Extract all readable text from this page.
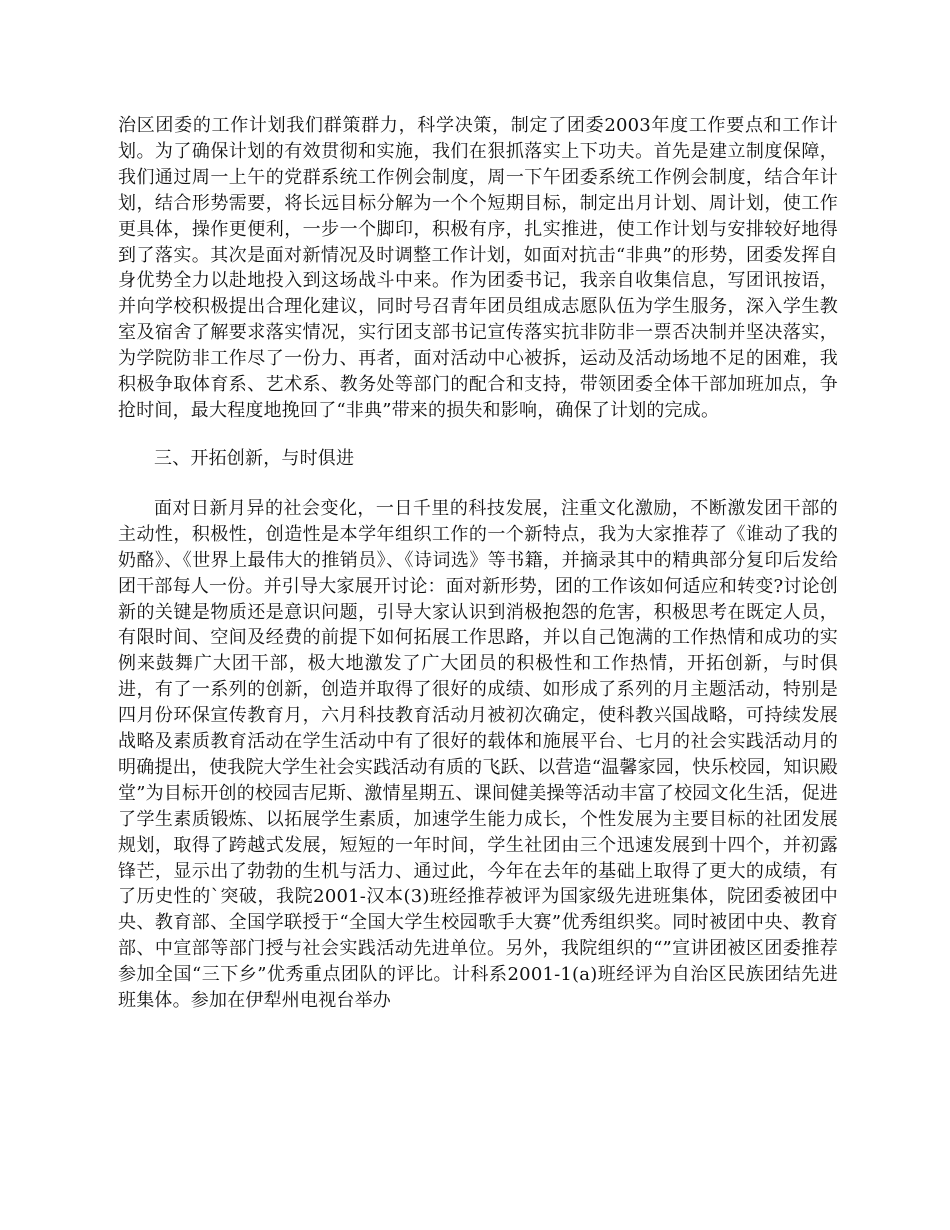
治区团委的工作计划我们群策群力，科学决策，制定了团委2003年度工作要点和工作计划。为了确保计划的有效贯彻和实施，我们在狠抓落实上下功夫。首先是建立制度保障，我们通过周一上午的党群系统工作例会制度，周一下午团委系统工作例会制度，结合年计划，结合形势需要，将长远目标分解为一个个短期目标，制定出月计划、周计划，使工作更具体，操作更便利，一步一个脚印，积极有序，扎实推进，使工作计划与安排较好地得到了落实。其次是面对新情况及时调整工作计划，如面对抗击“非典”的形势，团委发挥自身优势全力以赴地投入到这场战斗中来。作为团委书记，我亲自收集信息，写团讯按语，并向学校积极提出合理化建议，同时号召青年团员组成志愿队伍为学生服务，深入学生教室及宿舍了解要求落实情况，实行团支部书记宣传落实抗非防非一票否决制并坚决落实，为学院防非工作尽了一份力、再者，面对活动中心被拆，运动及活动场地不足的困难，我积极争取体育系、艺术系、教务处等部门的配合和支持，带领团委全体干部加班加点，争抢时间，最大程度地挽回了“非典”带来的损失和影响，确保了计划的完成。

三、开拓创新，与时俱进

面对日新月异的社会变化，一日千里的科技发展，注重文化激励，不断激发团干部的主动性，积极性，创造性是本学年组织工作的一个新特点，我为大家推荐了《谁动了我的奶酪》、《世界上最伟大的推销员》、《诗词选》等书籍，并摘录其中的精典部分复印后发给团干部每人一份。并引导大家展开讨论：面对新形势，团的工作该如何适应和转变?讨论创新的关键是物质还是意识问题，引导大家认识到消极抱怨的危害，积极思考在既定人员，有限时间、空间及经费的前提下如何拓展工作思路，并以自己饱满的工作热情和成功的实例来鼓舞广大团干部，极大地激发了广大团员的积极性和工作热情，开拓创新，与时俱进，有了一系列的创新，创造并取得了很好的成绩、如形成了系列的月主题活动，特别是四月份环保宣传教育月，六月科技教育活动月被初次确定，使科教兴国战略，可持续发展战略及素质教育活动在学生活动中有了很好的载体和施展平台、七月的社会实践活动月的明确提出，使我院大学生社会实践活动有质的飞跃、以营造“温馨家园，快乐校园，知识殿堂”为目标开创的校园吉尼斯、激情星期五、课间健美操等活动丰富了校园文化生活，促进了学生素质锻炼、以拓展学生素质，加速学生能力成长，个性发展为主要目标的社团发展规划，取得了跨越式发展，短短的一年时间，学生社团由三个迅速发展到十四个，并初露锋芒，显示出了勃勃的生机与活力、通过此，今年在去年的基础上取得了更大的成绩，有了历史性的`突破，我院2001-汉本(3)班经推荐被评为国家级先进班集体，院团委被团中央、教育部、全国学联授于“全国大学生校园歌手大赛”优秀组织奖。同时被团中央、教育部、中宣部等部门授与社会实践活动先进单位。另外，我院组织的“”宣讲团被区团委推荐参加全国“三下乡”优秀重点团队的评比。计科系2001-1(a)班经评为自治区民族团结先进班集体。参加在伊犁州电视台举办
